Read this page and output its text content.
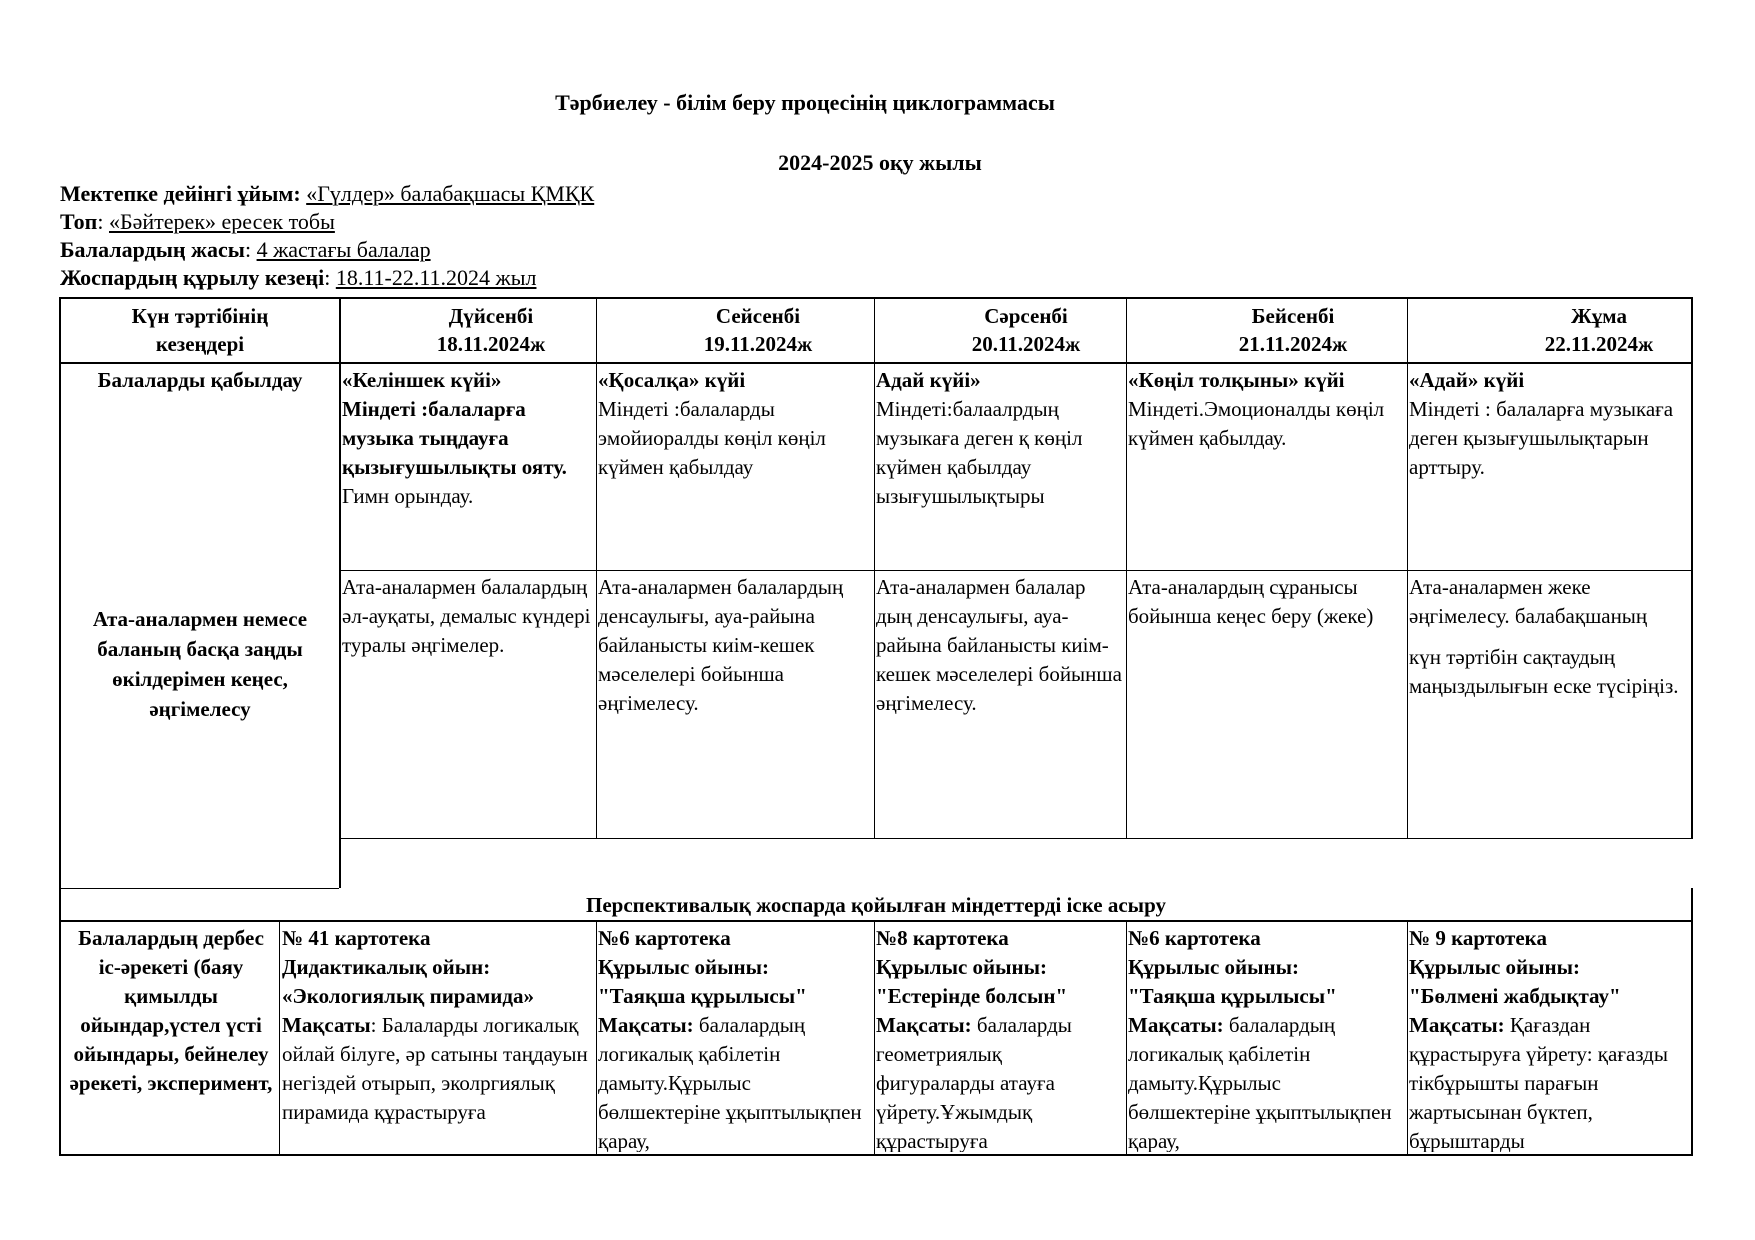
Тәрбиелеу - білім беру процесінің циклограммасы
2024-2025 оқу жылы
Мектепке дейінгі ұйым: «Гүлдер» балабақшасы ҚМҚК
Топ: «Бәйтерек» ересек тобы
Балалардың жасы: 4 жастағы балалар
Жоспардың құрылу кезеңі: 18.11-22.11.2024 жыл
Күн тәртібінің кезеңдері
Дүйсенбі
18.11.2024ж
Сейсенбі
19.11.2024ж
Сәрсенбі
20.11.2024ж
Бейсенбі
21.11.2024ж
Жұма
22.11.2024ж
Балаларды қабылдау	«Келіншек күйі»
Міндеті :балаларға музыка тыңдауға қызығушылықты ояту.
Гимн орындау.
«Қосалқа» күйі
Міндеті :балаларды эмойиоралды көңіл көңіл күймен қабылдау
Адай күйі»
Міндеті:балаалрдың музыкаға деген қ көңіл күймен қабылдау ызығушылықтыры
«Көңіл толқыны» күйі
Міндеті.Эмоционалды көңіл күймен қабылдау.
«Адай» күйі
Міндеті : балаларға музыкаға деген қызығушылықтарын арттыру.
Ата-аналармен немесе баланың басқа заңды өкілдерімен кеңес, әңгімелесу
Ата-аналармен балалардың әл-ауқаты, демалыс күндері туралы әңгімелер.
Ата-аналармен балалардың денсаулығы, ауа-райына байланысты киім-кешек мәселелері бойынша әңгімелесу.
Ата-аналармен балалар дың денсаулығы, ауа-райына байланысты киім-кешек мәселелері бойынша әңгімелесу.
Ата-аналардың сұранысы бойынша кеңес беру (жеке)
Ата-аналармен жеке әңгімелесу. балабақшаның
күн тәртібін сақтаудың маңыздылығын еске түсіріңіз.
Перспективалық жоспарда қойылған міндеттерді іске асыру
Балалардың дербес іс-әрекеті (баяу қимылды ойындар,үстел үсті ойындары, бейнелеу әрекеті, эксперимент,
№ 41 картотека
Дидактикалық ойын:
«Экологиялық пирамида»
Мақсаты: Балаларды логикалық ойлай білуге, әр сатыны таңдауын негіздей отырып, эколргиялық пирамида құрастыруға
№6 картотека
Құрылыс ойыны:
"Таяқша құрылысы"
Мақсаты: балалардың логикалық қабілетін дамыту.Құрылыс бөлшектеріне ұқыптылықпен қарау,
№8 картотека
Құрылыс ойыны:
"Естерінде болсын"
Мақсаты: балаларды геометриялық фигураларды атауға үйрету.Ұжымдық құрастыруға
№6 картотека
Құрылыс ойыны:
"Таяқша құрылысы"
Мақсаты: балалардың логикалық қабілетін дамыту.Құрылыс бөлшектеріне ұқыптылықпен қарау,
№ 9 картотека
Құрылыс ойыны:
"Бөлмені жабдықтау"
Мақсаты: Қағаздан құрастыруға үйрету: қағазды тікбұрышты парағын жартысынан бүктеп, бұрыштарды
